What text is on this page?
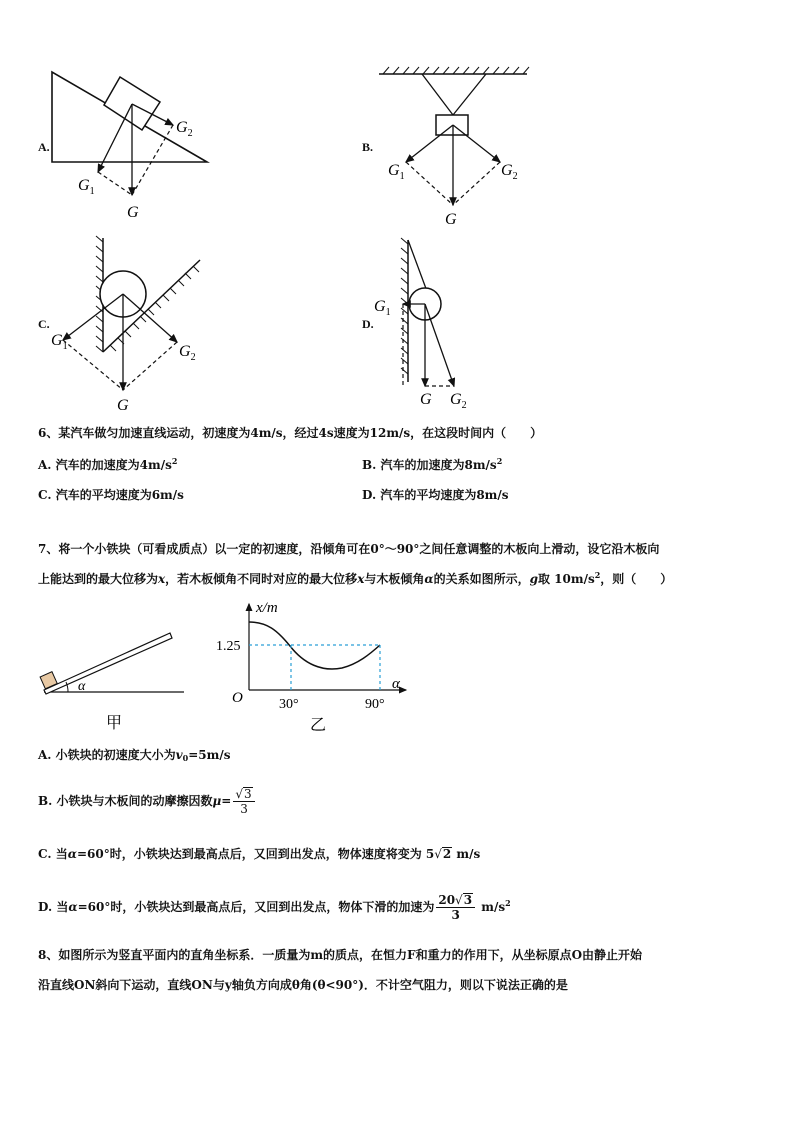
A.
$G_2$
$G_1$
G
B.
$G_1$	$G_2$
G
C.
$G_1$	$G_2$
G
D.
$G_1$
G $G_2$
6、某汽车做匀加速直线运动，初速度为4m/s，经过4s速度为12m/s，在这段时间内（　　）
A. 汽车的加速度为$4m/s^2$	B. 汽车的加速度为$8m/s^2$
C. 汽车的平均速度为6m/s	D. 汽车的平均速度为8m/s
7、将一个小铁块（可看成质点）以一定的初速度，沿倾角可在0°～90°之间任意调整的木板向上滑动，设它沿木板向
上能达到的最大位移为x，若木板倾角不同时对应的最大位移x与木板倾角α的关系如图所示，g取 $10m/s^2$，则（　　）
α
甲
x/m
1.25
O	30°	90°
α
乙
A. 小铁块的初速度大小为$v_0=5m/s$
B. 小铁块与木板间的动摩擦因数$\mu= \frac{√3}{3}$
C. 当α=60°时，小铁块达到最高点后，又回到出发点，物体速度将变为 5√2 m/s
D. 当α=60°时，小铁块达到最高点后，又回到出发点，物体下滑的加速为 $\frac{20√3}{3} m/s^2$
8、如图所示为竖直平面内的直角坐标系．一质量为m的质点，在恒力F和重力的作用下，从坐标原点O由静止开始
沿直线ON斜向下运动，直线ON与y轴负方向成θ角(θ<90°)．不计空气阻力，则以下说法正确的是
